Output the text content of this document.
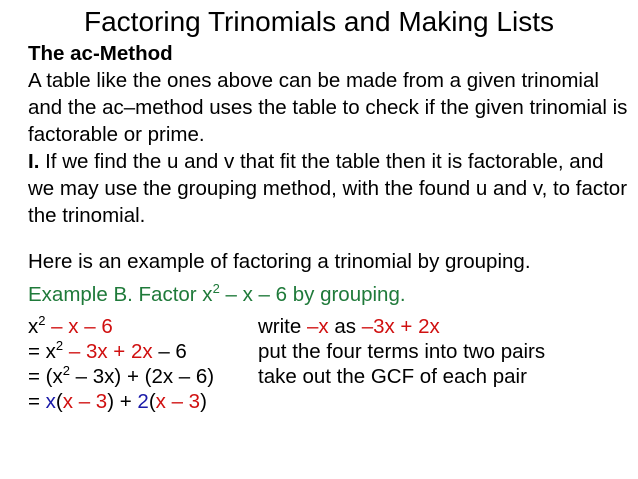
Factoring Trinomials and Making Lists
The ac-Method
A table like the ones above can be made from a given trinomial and the ac–method uses the table to check if the given trinomial is factorable or prime.
I. If we find the u and v that fit the table then it is factorable, and we may use the grouping method, with the found u and v, to factor the trinomial.
Here is an example of factoring a trinomial by grouping.
Example B. Factor $x^2$ – x – 6 by grouping.
$x^2$ – x – 6	write –x as –3x + 2x
= $x^2 - 3x + 2x - 6$	put the four terms into two pairs
= $(x^2 - 3x) + (2x - 6)$ take out the GCF of each pair
= x(x – 3) + 2(x – 3)
